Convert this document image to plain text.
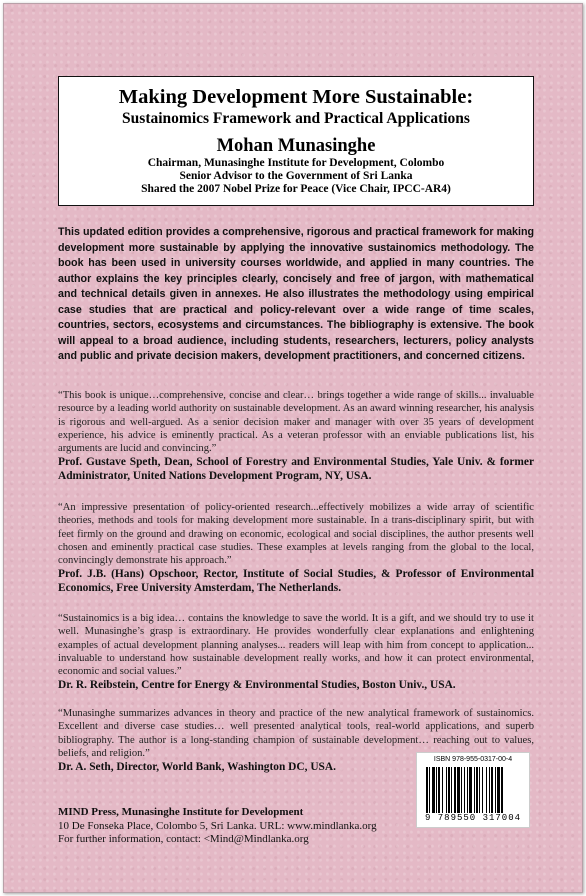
Making Development More Sustainable:
Sustainomics Framework and Practical Applications
Mohan Munasinghe
Chairman, Munasinghe Institute for Development, Colombo
Senior Advisor to the Government of Sri Lanka
Shared the 2007 Nobel Prize for Peace (Vice Chair, IPCC-AR4)
This updated edition provides a comprehensive, rigorous and practical framework for making development more sustainable by applying the innovative sustainomics methodology. The book has been used in university courses worldwide, and applied in many countries. The author explains the key principles clearly, concisely and free of jargon, with mathematical and technical details given in annexes. He also illustrates the methodology using empirical case studies that are practical and policy-relevant over a wide range of time scales, countries, sectors, ecosystems and circumstances. The bibliography is extensive. The book will appeal to a broad audience, including students, researchers, lecturers, policy analysts and public and private decision makers, development practitioners, and concerned citizens.
“This book is unique…comprehensive, concise and clear… brings together a wide range of skills... invaluable resource by a leading world authority on sustainable development. As an award winning researcher, his analysis is rigorous and well-argued. As a senior decision maker and manager with over 35 years of development experience, his advice is eminently practical. As a veteran professor with an enviable publications list, his arguments are lucid and convincing.”
Prof. Gustave Speth, Dean, School of Forestry and Environmental Studies, Yale Univ. & former Administrator, United Nations Development Program, NY, USA.
“An impressive presentation of policy-oriented research...effectively mobilizes a wide array of scientific theories, methods and tools for making development more sustainable. In a trans-disciplinary spirit, but with feet firmly on the ground and drawing on economic, ecological and social disciplines, the author presents well chosen and eminently practical case studies. These examples at levels ranging from the global to the local, convincingly demonstrate his approach.”
Prof. J.B. (Hans) Opschoor, Rector, Institute of Social Studies, & Professor of Environmental Economics, Free University Amsterdam, The Netherlands.
“Sustainomics is a big idea… contains the knowledge to save the world. It is a gift, and we should try to use it well. Munasinghe’s grasp is extraordinary. He provides wonderfully clear explanations and enlightening examples of actual development planning analyses... readers will leap with him from concept to application... invaluable to understand how sustainable development really works, and how it can protect environmental, economic and social values.”
Dr. R. Reibstein, Centre for Energy & Environmental Studies, Boston Univ., USA.
“Munasinghe summarizes advances in theory and practice of the new analytical framework of sustainomics. Excellent and diverse case studies… well presented analytical tools, real-world applications, and superb bibliography. The author is a long-standing champion of sustainable development… reaching out to values, beliefs, and religion.”
Dr. A. Seth, Director, World Bank, Washington DC, USA.
MIND Press, Munasinghe Institute for Development
10 De Fonseka Place, Colombo 5, Sri Lanka. URL: www.mindlanka.org
For further information, contact: <Mind@Mindlanka.org
ISBN 978-955-0317-00-4
9 789550 317004
